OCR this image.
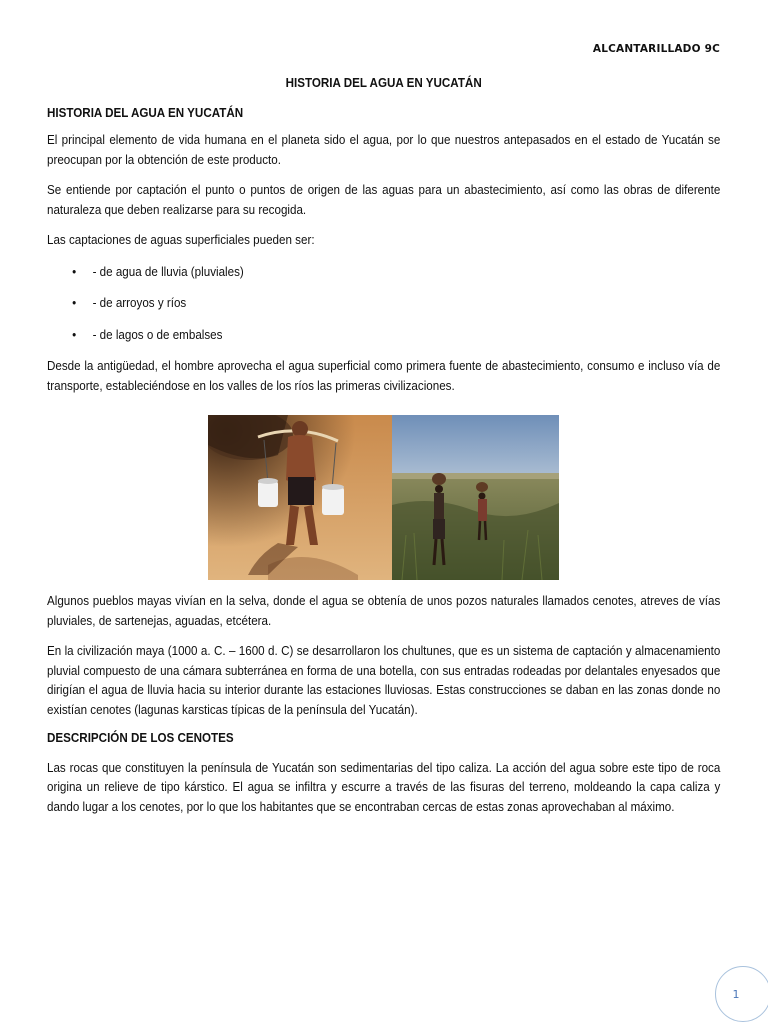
ALCANTARILLADO 9C
HISTORIA DEL AGUA EN YUCATÁN
HISTORIA DEL AGUA EN YUCATÁN

El principal elemento de vida humana en el planeta sido el agua, por lo que nuestros antepasados en el estado de Yucatán se preocupan por la obtención de este producto.

Se entiende por captación el punto o puntos de origen de las aguas para un abastecimiento, así como las obras de diferente naturaleza que deben realizarse para su recogida.

Las captaciones de aguas superficiales pueden ser:

• - de agua de lluvia (pluviales)
• - de arroyos y ríos
• - de lagos o de embalses

Desde la antigüedad, el hombre aprovecha el agua superficial como primera fuente de abastecimiento, consumo e incluso vía de transporte, estableciéndose en los valles de los ríos las primeras civilizaciones.

Algunos pueblos mayas vivían en la selva, donde el agua se obtenía de unos pozos naturales llamados cenotes, atreves de vías pluviales, de sartenejas, aguadas, etcétera.

En la civilización maya (1000 a. C. – 1600 d. C) se desarrollaron los chultunes, que es un sistema de captación y almacenamiento pluvial compuesto de una cámara subterránea en forma de una botella, con sus entradas rodeadas por delantales enyesados que dirigían el agua de lluvia hacia su interior durante las estaciones lluviosas. Estas construcciones se daban en las zonas donde no existían cenotes (lagunas karsticas típicas de la península del Yucatán).

DESCRIPCIÓN DE LOS CENOTES

Las rocas que constituyen la península de Yucatán son sedimentarias del tipo caliza. La acción del agua sobre este tipo de roca origina un relieve de tipo kárstico. El agua se infiltra y escurre a través de las fisuras del terreno, moldeando la capa caliza y dando lugar a los cenotes, por lo que los habitantes que se encontraban cercas de estas zonas aprovechaban al máximo.

1
